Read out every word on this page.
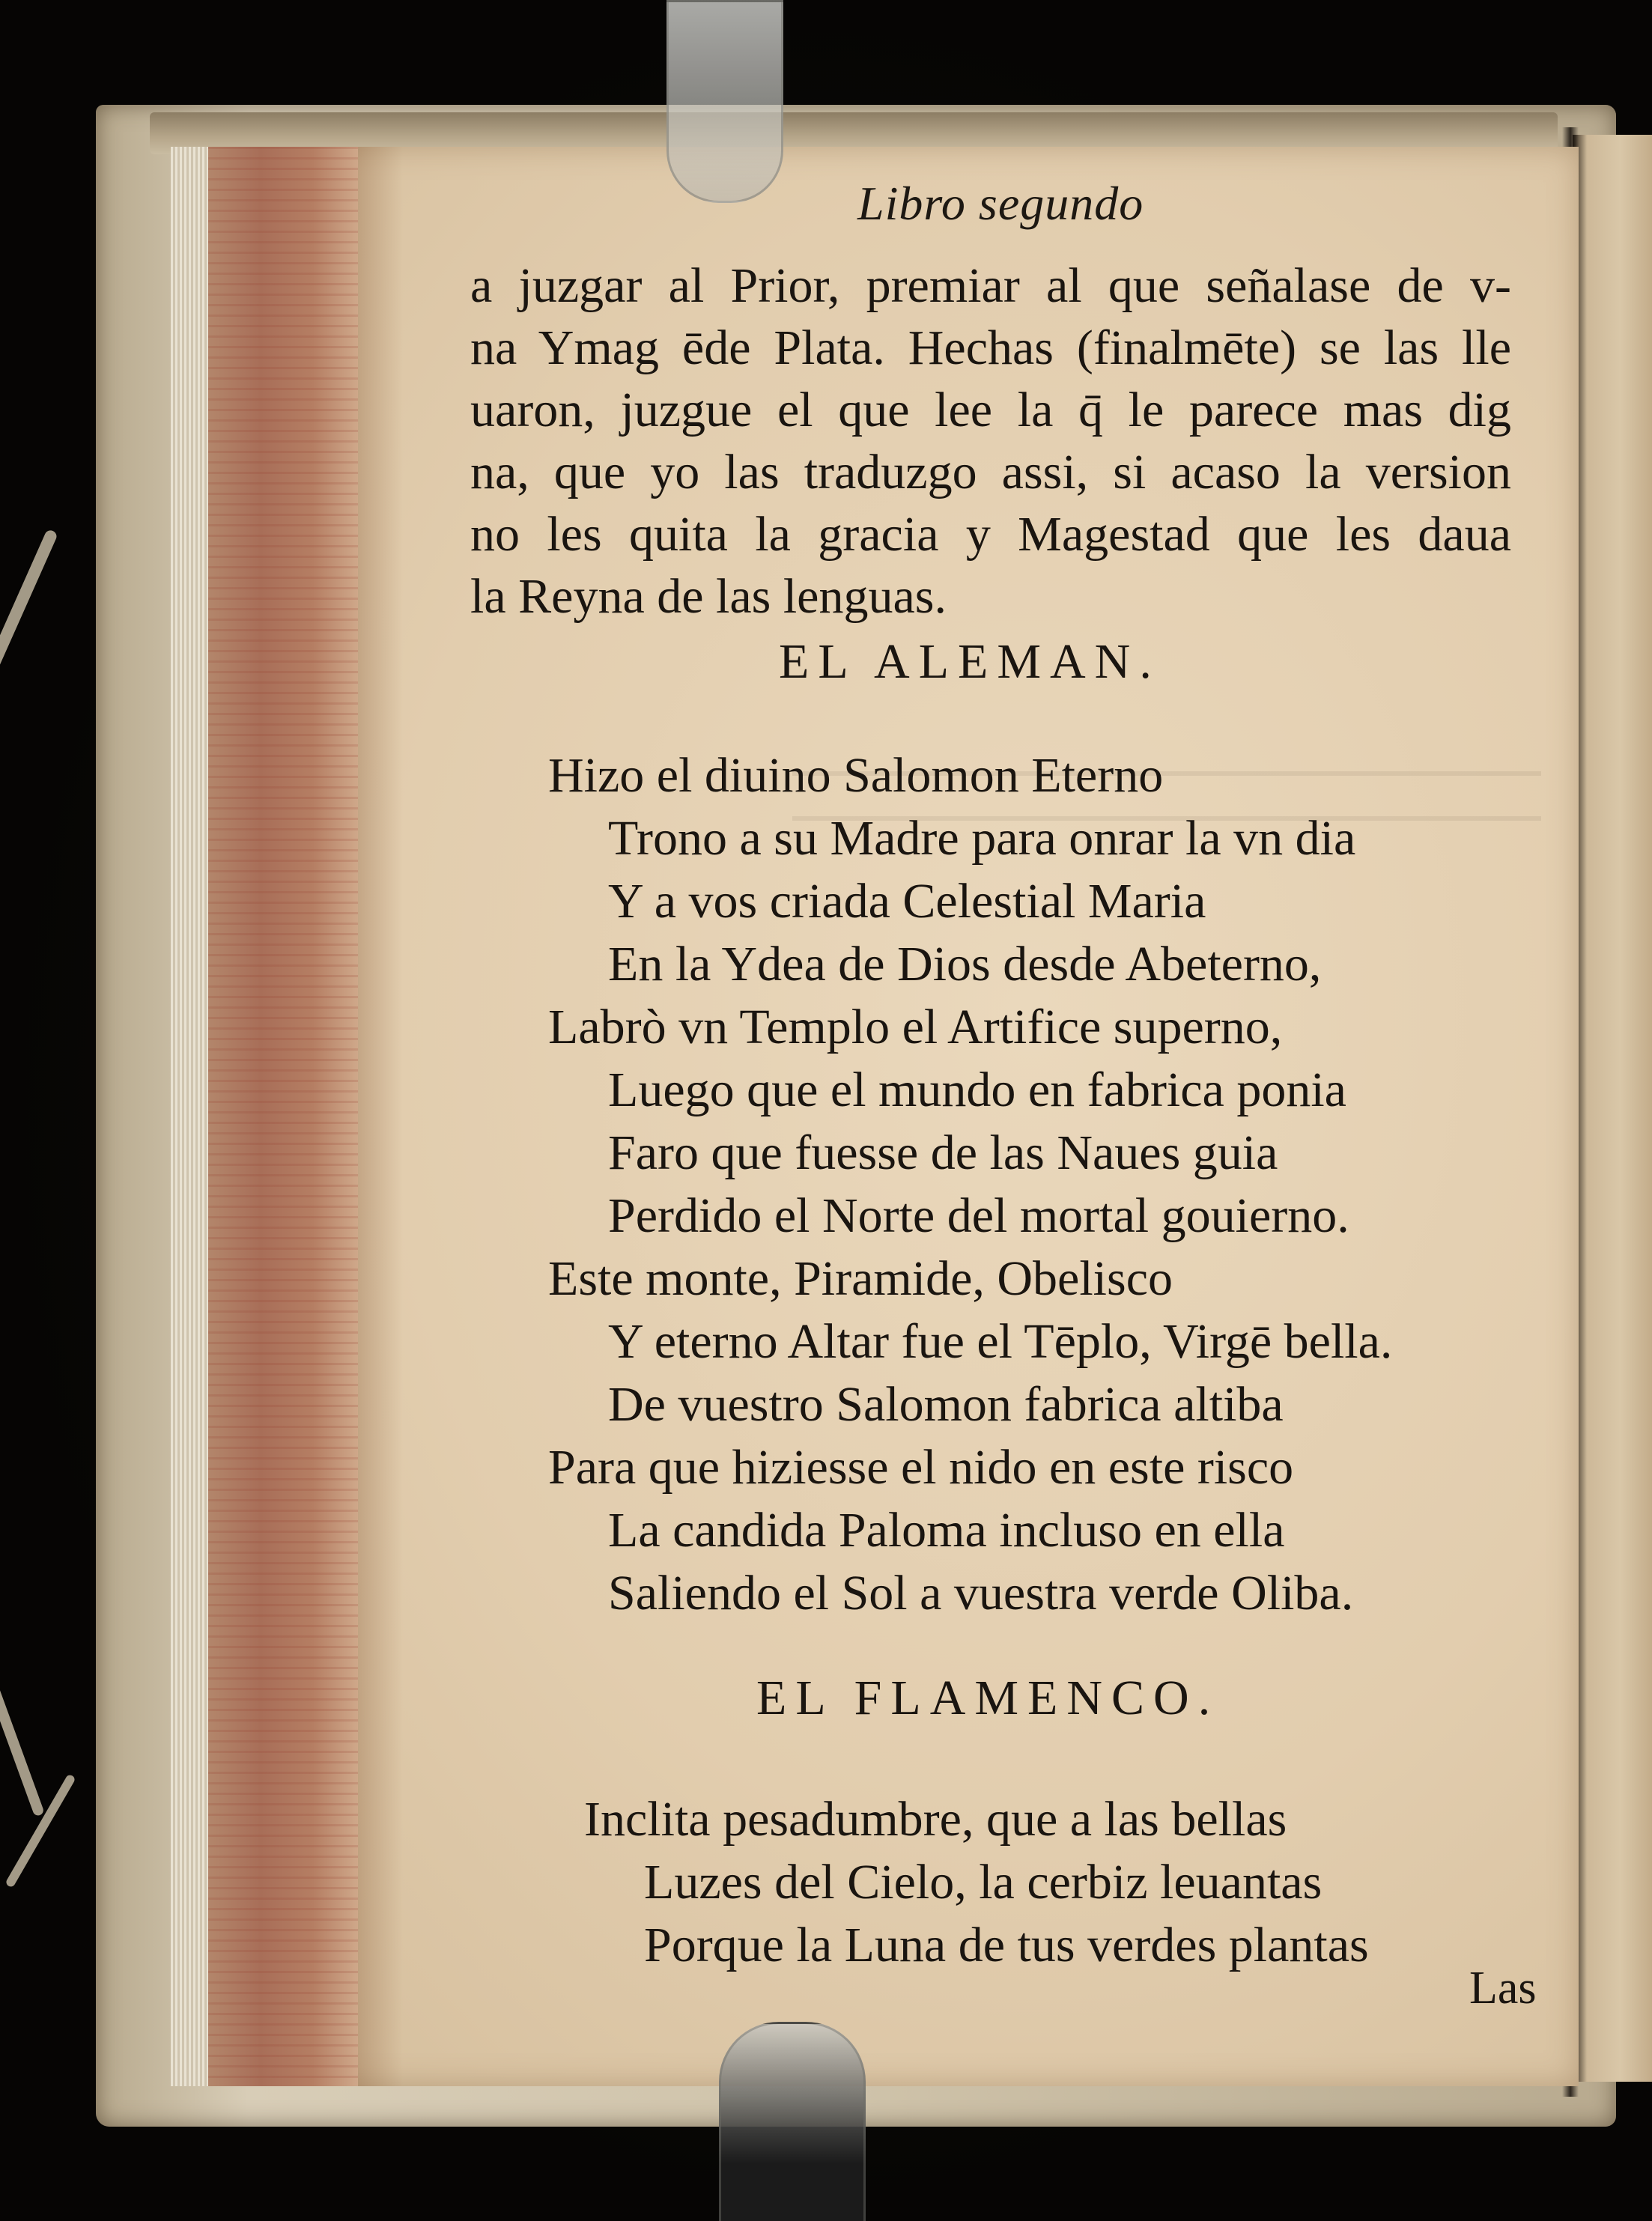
Libro segundo
a juzgar al Prior, premiar al que señalase de v-
na Ymag ēde Plata. Hechas (finalmēte) se las lle
uaron, juzgue el que lee la q̄ le parece mas dig
na, que yo las traduzgo assi, si acaso la version
no les quita la gracia y Magestad que les daua
la Reyna de las lenguas.
EL ALEMAN.
Hizo el diuino Salomon Eterno
Trono a su Madre para onrar la vn dia
Y a vos criada Celestial Maria
En la Ydea de Dios desde Abeterno,
Labrò vn Templo el Artifice superno,
Luego que el mundo en fabrica ponia
Faro que fuesse de las Naues guia
Perdido el Norte del mortal gouierno.
Este monte, Piramide, Obelisco
Y eterno Altar fue el Tēplo, Virgē bella.
De vuestro Salomon fabrica altiba
Para que hiziesse el nido en este risco
La candida Paloma incluso en ella
Saliendo el Sol a vuestra verde Oliba.
EL FLAMENCO.
Inclita pesadumbre, que a las bellas
Luzes del Cielo, la cerbiz leuantas
Porque la Luna de tus verdes plantas
Las
